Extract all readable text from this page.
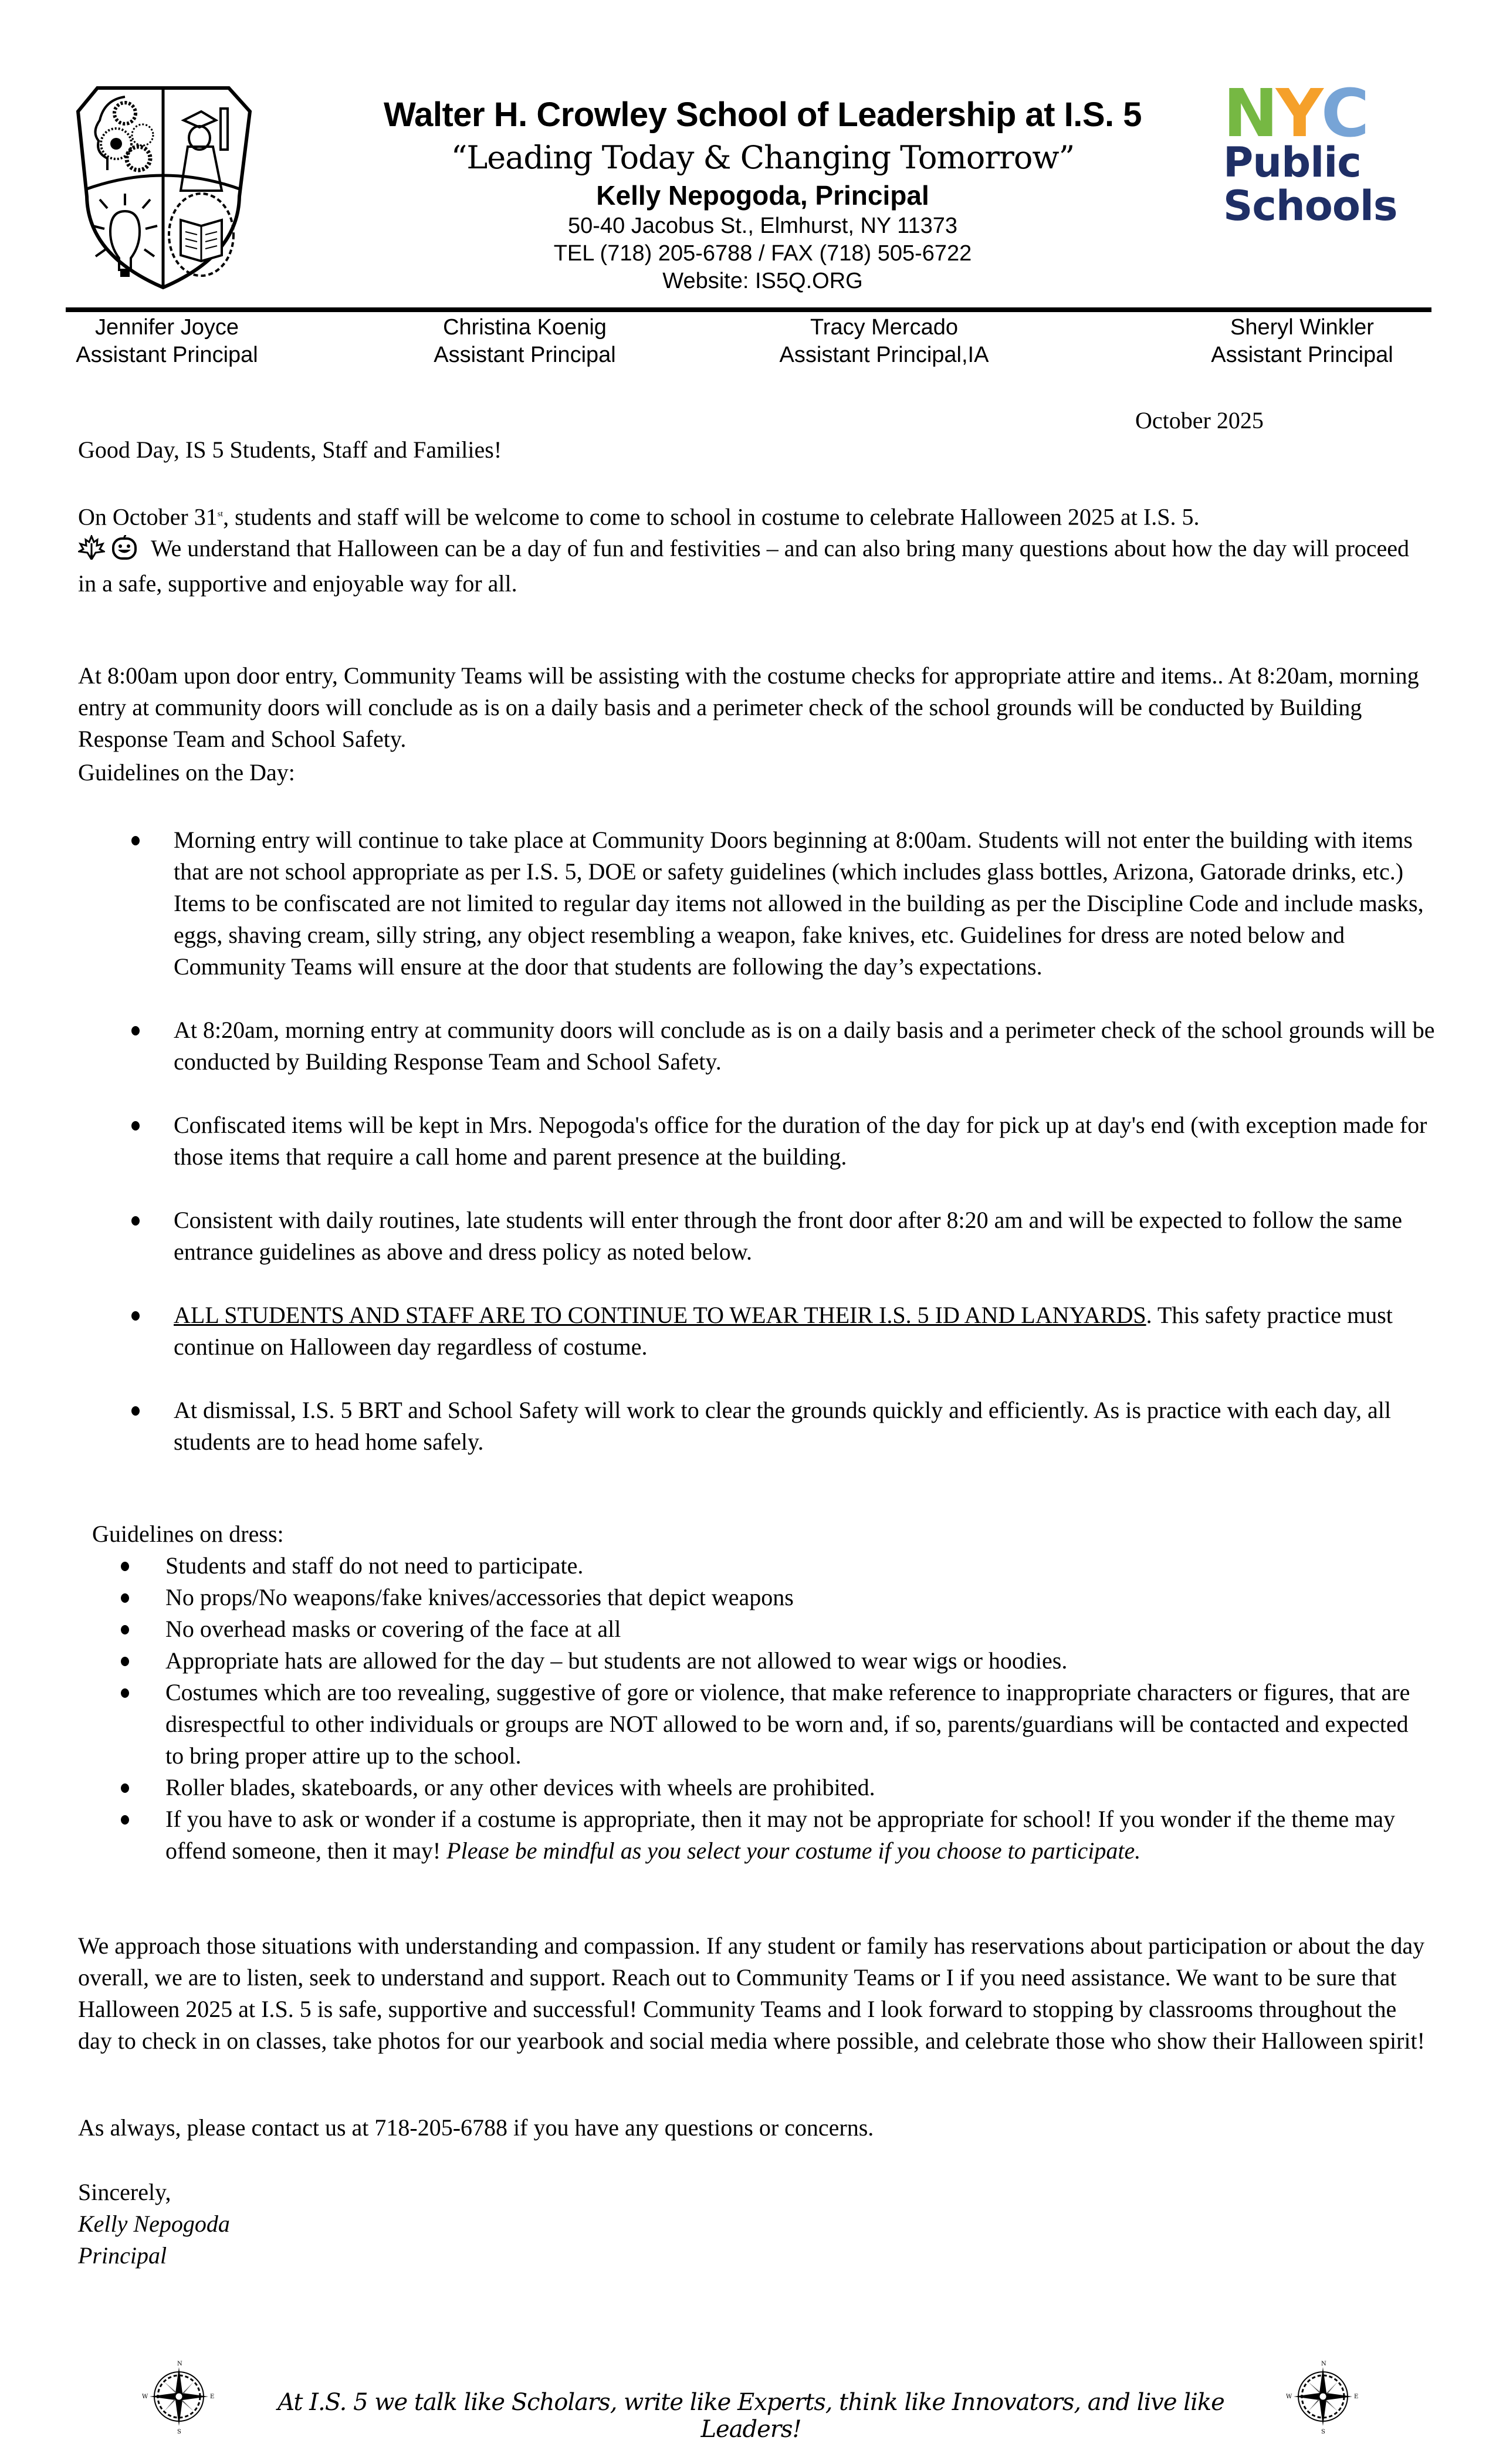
Walter H. Crowley School of Leadership at I.S. 5
“Leading Today & Changing Tomorrow”
Kelly Nepogoda, Principal
50-40 Jacobus St., Elmhurst, NY 11373
TEL (718) 205-6788 / FAX (718) 505-6722
Website: IS5Q.ORG
N Y C
Public
Schools
Jennifer Joyce
Assistant Principal
Christina Koenig
Assistant Principal
Tracy Mercado
Assistant Principal,IA
Sheryl Winkler
Assistant Principal
October 2025

Good Day, IS 5 Students, Staff and Families!

On October 31st, students and staff will be welcome to come to school in costume to celebrate Halloween 2025 at I.S. 5.
We understand that Halloween can be a day of fun and festivities – and can also bring many questions about how the day will proceed in a safe, supportive and enjoyable way for all.

At 8:00am upon door entry, Community Teams will be assisting with the costume checks for appropriate attire and items.. At 8:20am, morning entry at community doors will conclude as is on a daily basis and a perimeter check of the school grounds will be conducted by Building Response Team and School Safety.

Guidelines on the Day:

Morning entry will continue to take place at Community Doors beginning at 8:00am. Students will not enter the building with items that are not school appropriate as per I.S. 5, DOE or safety guidelines (which includes glass bottles, Arizona, Gatorade drinks, etc.) Items to be confiscated are not limited to regular day items not allowed in the building as per the Discipline Code and include masks, eggs, shaving cream, silly string, any object resembling a weapon, fake knives, etc. Guidelines for dress are noted below and Community Teams will ensure at the door that students are following the day’s expectations.
At 8:20am, morning entry at community doors will conclude as is on a daily basis and a perimeter check of the school grounds will be conducted by Building Response Team and School Safety.
Confiscated items will be kept in Mrs. Nepogoda's office for the duration of the day for pick up at day's end (with exception made for those items that require a call home and parent presence at the building.
Consistent with daily routines, late students will enter through the front door after 8:20 am and will be expected to follow the same entrance guidelines as above and dress policy as noted below.
ALL STUDENTS AND STAFF ARE TO CONTINUE TO WEAR THEIR I.S. 5 ID AND LANYARDS. This safety practice must continue on Halloween day regardless of costume.
At dismissal, I.S. 5 BRT and School Safety will work to clear the grounds quickly and efficiently. As is practice with each day, all students are to head home safely.

Guidelines on dress:

Students and staff do not need to participate.
No props/No weapons/fake knives/accessories that depict weapons
No overhead masks or covering of the face at all
Appropriate hats are allowed for the day – but students are not allowed to wear wigs or hoodies.
Costumes which are too revealing, suggestive of gore or violence, that make reference to inappropriate characters or figures, that are disrespectful to other individuals or groups are NOT allowed to be worn and, if so, parents/guardians will be contacted and expected to bring proper attire up to the school.
Roller blades, skateboards, or any other devices with wheels are prohibited.
If you have to ask or wonder if a costume is appropriate, then it may not be appropriate for school! If you wonder if the theme may offend someone, then it may! Please be mindful as you select your costume if you choose to participate.

We approach those situations with understanding and compassion. If any student or family has reservations about participation or about the day overall, we are to listen, seek to understand and support. Reach out to Community Teams or I if you need assistance. We want to be sure that Halloween 2025 at I.S. 5 is safe, supportive and successful! Community Teams and I look forward to stopping by classrooms throughout the day to check in on classes, take photos for our yearbook and social media where possible, and celebrate those who show their Halloween spirit!

As always, please contact us at 718-205-6788 if you have any questions or concerns.

Sincerely,

Kelly Nepogoda

Principal

N
E
S
W	At I.S. 5 we talk like Scholars, write like Experts, think like Innovators, and live like Leaders!
N
E
S
W
